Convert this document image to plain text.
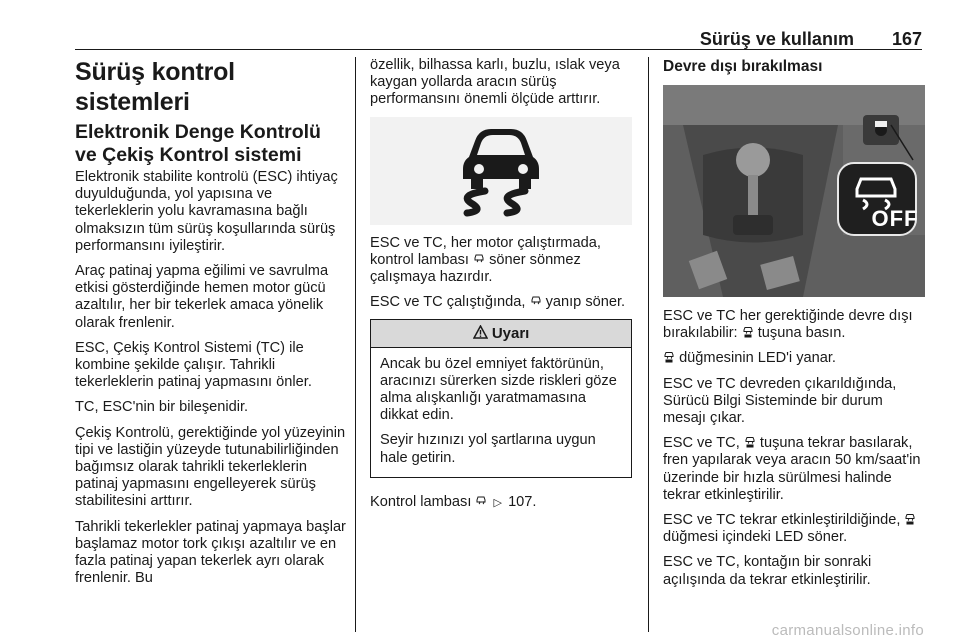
Sürüş ve kullanım 167
Sürüş kontrol sistemleri
Elektronik Denge Kontrolü ve Çekiş Kontrol sistemi

Elektronik stabilite kontrolü (ESC) ihtiyaç duyulduğunda, yol yapısına ve tekerleklerin yolu kavramasına bağlı olmaksızın tüm sürüş koşullarında sürüş performansını iyileştirir.

Araç patinaj yapma eğilimi ve savrulma etkisi gösterdiğinde hemen motor gücü azaltılır, her bir tekerlek amaca yönelik olarak frenlenir.

ESC, Çekiş Kontrol Sistemi (TC) ile kombine şekilde çalışır. Tahrikli tekerleklerin patinaj yapmasını önler.

TC, ESC'nin bir bileşenidir.

Çekiş Kontrolü, gerektiğinde yol yüzeyinin tipi ve lastiğin yüzeyde tutunabilirliğinden bağımsız olarak tahrikli tekerleklerin patinaj yapmasını engelleyerek sürüş stabilitesini arttırır.

Tahrikli tekerlekler patinaj yapmaya başlar başlamaz motor tork çıkışı azaltılır ve en fazla patinaj yapan tekerlek ayrı olarak frenlenir. Bu

özellik, bilhassa karlı, buzlu, ıslak veya kaygan yollarda aracın sürüş performansını önemli ölçüde arttırır.

ESC ve TC, her motor çalıştırmada, kontrol lambası söner sönmez çalışmaya hazırdır.

ESC ve TC çalıştığında, yanıp söner.

Uyarı

Ancak bu özel emniyet faktörünün, aracınızı sürerken sizde riskleri göze alma alışkanlığı yaratmamasına dikkat edin.

Seyir hızınızı yol şartlarına uygun hale getirin.

Kontrol lambası ▷ 107.

Devre dışı bırakılması
OFF

ESC ve TC her gerektiğinde devre dışı bırakılabilir: tuşuna basın.

düğmesinin LED'i yanar.

ESC ve TC devreden çıkarıldığında, Sürücü Bilgi Sisteminde bir durum mesajı çıkar.

ESC ve TC, tuşuna tekrar basılarak, fren yapılarak veya aracın 50 km/saat'in üzerinde bir hızla sürülmesi halinde tekrar etkinleştirilir.

ESC ve TC tekrar etkinleştirildiğinde,  düğmesi içindeki LED söner.

ESC ve TC, kontağın bir sonraki açılışında da tekrar etkinleştirilir.

carmanualsonline.info
